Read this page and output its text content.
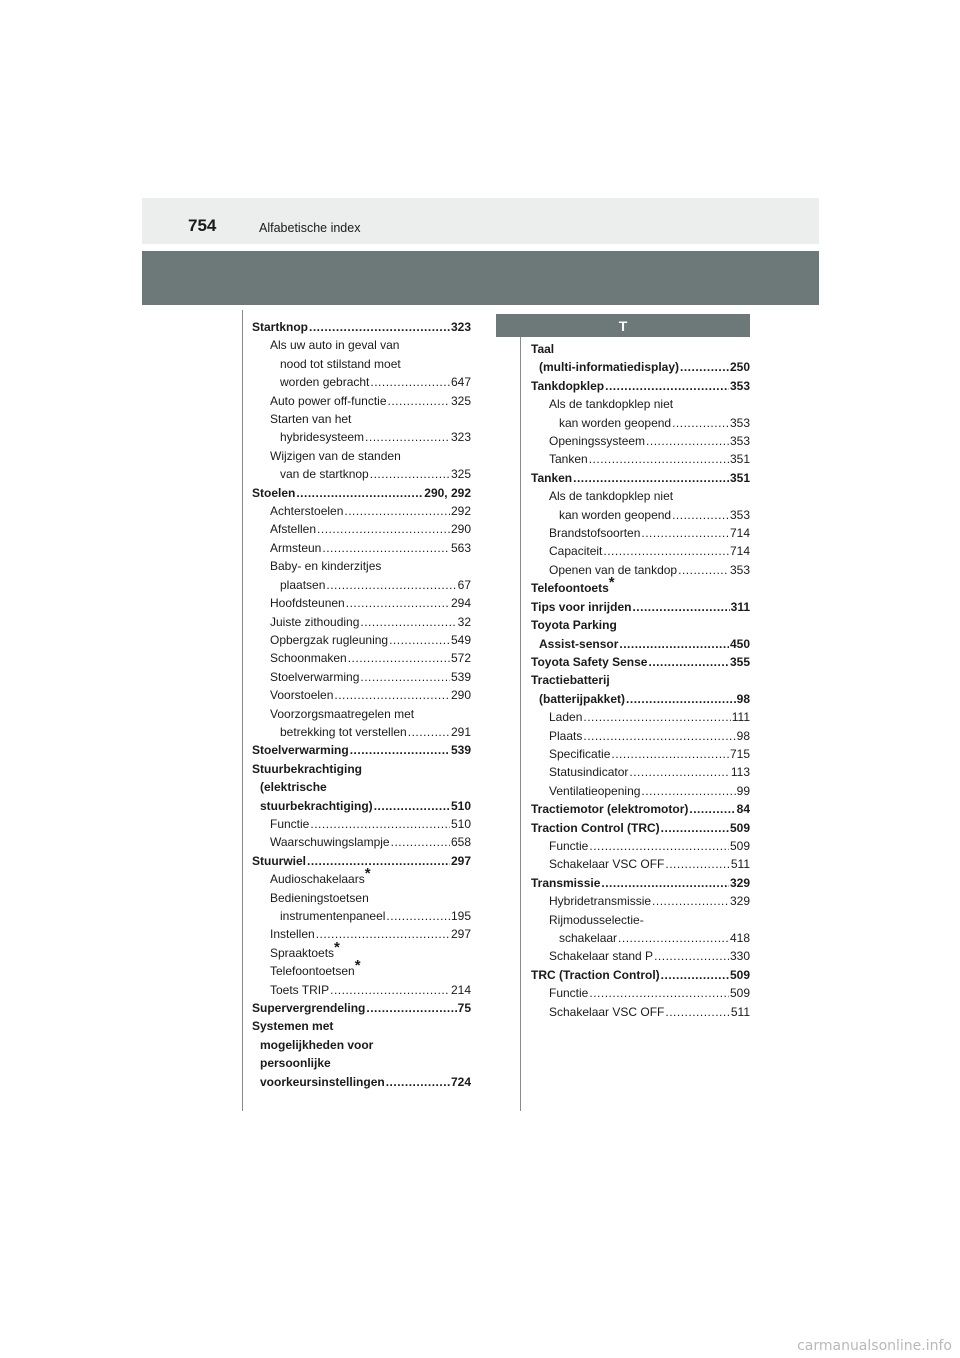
754	Alfabetische index
T
Startknop .....	323
Als uw auto in geval van
nood tot stilstand moet
worden gebracht .....	647
Auto power off-functie .....	325
Starten van het
hybridesysteem .....	323
Wijzigen van de standen
van de startknop .....	325
Stoelen .....	290, 292
Achterstoelen .....	292
Afstellen .....	290
Armsteun .....	563
Baby- en kinderzitjes
plaatsen .....	67
Hoofdsteunen .....	294
Juiste zithouding .....	32
Opbergzak rugleuning .....	549
Schoonmaken .....	572
Stoelverwarming .....	539
Voorstoelen .....	290
Voorzorgsmaatregelen met
betrekking tot verstellen .....	291
Stoelverwarming .....	539
Stuurbekrachtiging
(elektrische
stuurbekrachtiging) .....	510
Functie .....	510
Waarschuwingslampje .....	658
Stuurwiel .....	297
Audioschakelaars*
Bedieningstoetsen
instrumentenpaneel .....	195
Instellen .....	297
Spraaktoets*
Telefoontoetsen*
Toets TRIP .....	214
Supervergrendeling .....	75
Systemen met
mogelijkheden voor
persoonlijke
voorkeursinstellingen .....	724
Taal
(multi-informatiedisplay) .....	250
Tankdopklep .....	353
Als de tankdopklep niet
kan worden geopend .....	353
Openingssysteem .....	353
Tanken .....	351
Tanken .....	351
Als de tankdopklep niet
kan worden geopend .....	353
Brandstofsoorten .....	714
Capaciteit .....	714
Openen van de tankdop .....	353
Telefoontoets*
Tips voor inrijden .....	311
Toyota Parking
Assist-sensor .....	450
Toyota Safety Sense .....	355
Tractiebatterij
(batterijpakket) .....	98
Laden .....	111
Plaats .....	98
Specificatie .....	715
Statusindicator .....	113
Ventilatieopening .....	99
Tractiemotor (elektromotor) .....	84
Traction Control (TRC) .....	509
Functie .....	509
Schakelaar VSC OFF .....	511
Transmissie .....	329
Hybridetransmissie .....	329
Rijmodusselectie-
schakelaar .....	418
Schakelaar stand P .....	330
TRC (Traction Control) .....	509
Functie .....	509
Schakelaar VSC OFF .....	511
carmanualsonline.info
